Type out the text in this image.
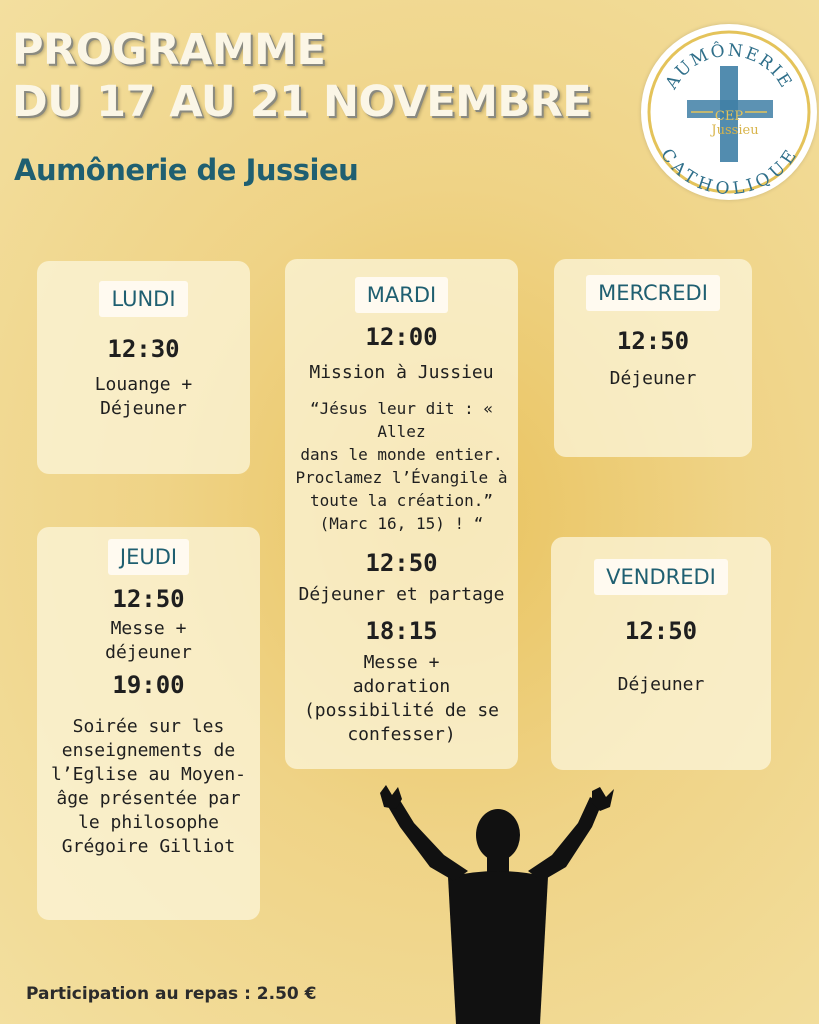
PROGRAMME
DU 17 AU 21 NOVEMBRE
Aumônerie de Jussieu
AUMÔNERIE
CATHOLIQUE
CEP
Jussieu
LUNDI
12:30
Louange +
Déjeuner
MARDI
12:00
Mission à Jussieu
“Jésus leur dit : « Allez
dans le monde entier.
Proclamez l’Évangile à
toute la création.”
(Marc 16, 15) ! “
12:50
Déjeuner et partage
18:15
Messe +
adoration
(possibilité de se
confesser)
MERCREDI
12:50
Déjeuner
JEUDI
12:50
Messe +
déjeuner
19:00
Soirée sur les
enseignements de
l’Eglise au Moyen-
âge présentée par
le philosophe
Grégoire Gilliot
VENDREDI
12:50
Déjeuner
Participation au repas : 2.50 €
